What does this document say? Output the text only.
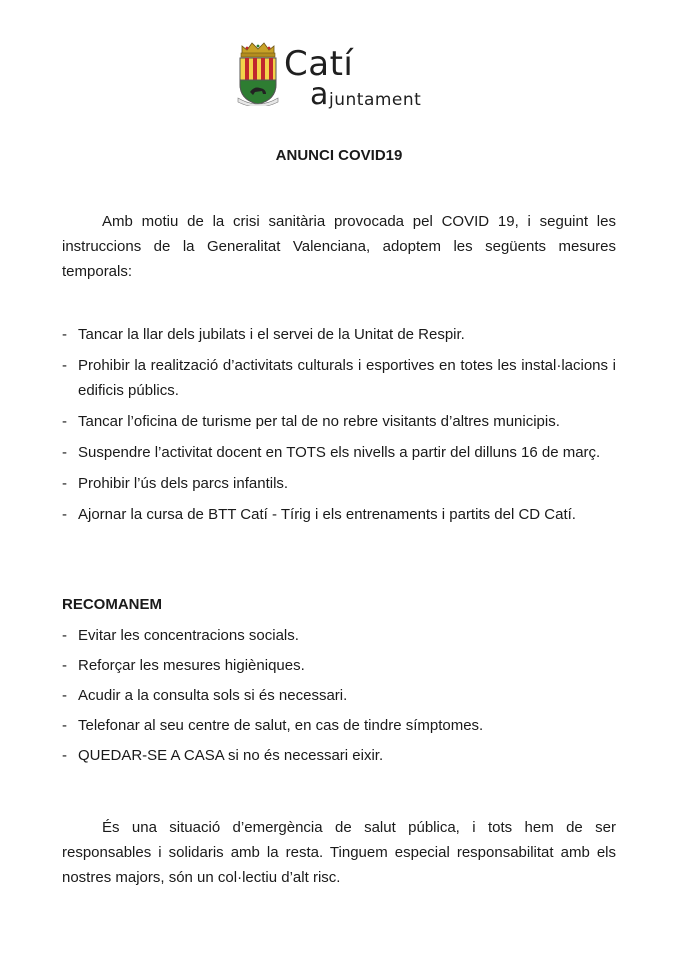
Catí
a juntament
ANUNCI COVID19

Amb motiu de la crisi sanitària provocada pel COVID 19, i seguint les instruccions de la Generalitat Valenciana, adoptem les següents mesures temporals:

- Tancar la llar dels jubilats i el servei de la Unitat de Respir.
- Prohibir la realització d’activitats culturals i esportives en totes les instal·lacions i edificis públics.
- Tancar l’oficina de turisme per tal de no rebre visitants d’altres municipis.
- Suspendre l’activitat docent en TOTS els nivells a partir del dilluns 16 de març.
- Prohibir l’ús dels parcs infantils.
- Ajornar la cursa de BTT Catí - Tírig i els entrenaments i partits del CD Catí.
RECOMANEM
- Evitar les concentracions socials.
- Reforçar les mesures higièniques.
- Acudir a la consulta sols si és necessari.
- Telefonar al seu centre de salut, en cas de tindre símptomes.
- QUEDAR-SE A CASA si no és necessari eixir.

És una situació d’emergència de salut pública, i tots hem de ser responsables i solidaris amb la resta. Tinguem especial responsabilitat amb els nostres majors, són un col·lectiu d’alt risc.
